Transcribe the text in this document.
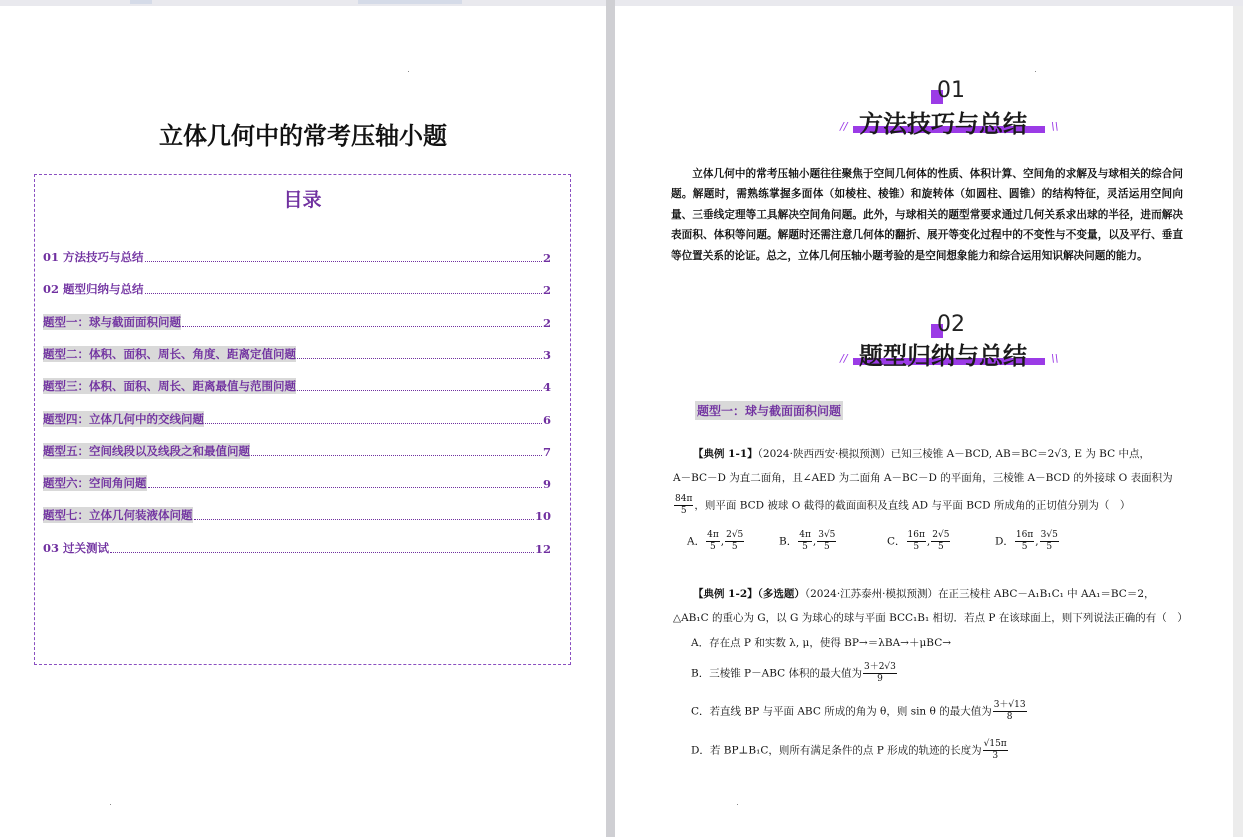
立体几何中的常考压轴小题
目录
01 方法技巧与总结	2
02 题型归纳与总结	2
题型一：球与截面面积问题	2
题型二：体积、面积、周长、角度、距离定值问题	3
题型三：体积、面积、周长、距离最值与范围问题	4
题型四：立体几何中的交线问题	6
题型五：空间线段以及线段之和最值问题	7
题型六：空间角问题	9
题型七：立体几何装液体问题	10
03 过关测试	12
01
//	\\
方法技巧与总结
立体几何中的常考压轴小题往往聚焦于空间几何体的性质、体积计算、空间角的求解及与球相关的综合问题。解题时，需熟练掌握多面体（如棱柱、棱锥）和旋转体（如圆柱、圆锥）的结构特征，灵活运用空间向量、三垂线定理等工具解决空间角问题。此外，与球相关的题型常要求通过几何关系求出球的半径，进而解决表面积、体积等问题。解题时还需注意几何体的翻折、展开等变化过程中的不变性与不变量，以及平行、垂直等位置关系的论证。总之，立体几何压轴小题考验的是空间想象能力和综合运用知识解决问题的能力。
02
//	\\
题型归纳与总结
题型一：球与截面面积问题
【典例 1-1】（2024·陕西西安·模拟预测）已知三棱锥 A－BCD, AB＝BC＝2√3, E 为 BC 中点，
A－BC－D 为直二面角，且∠AED 为二面角 A－BC－D 的平面角，三棱锥 A－BCD 的外接球 O 表面积为
$\frac{84\pi}{5}$ ，则平面 BCD 被球 O 截得的截面面积及直线 AD 与平面 BCD 所成角的正切值分别为（　）
A． $\frac{4\pi}{5}$ , $\frac{2√5}{5}$	B． $\frac{4\pi}{5}$ , $\frac{3√5}{5}$	C． $\frac{16\pi}{5}$ , $\frac{2√5}{5}$	D． $\frac{16\pi}{5}$ , $\frac{3√5}{5}$
【典例 1-2】（多选题）（2024·江苏泰州·模拟预测）在正三棱柱 ABC－A₁B₁C₁ 中 AA₁＝BC＝2，
△AB₁C 的重心为 G，以 G 为球心的球与平面 BCC₁B₁ 相切．若点 P 在该球面上，则下列说法正确的有（　）
A．存在点 P 和实数 λ, μ，使得 BP→＝λBA→＋μBC→
B．三棱锥 P－ABC 体积的最大值为 $\frac{3+2√3}{9}$
C．若直线 BP 与平面 ABC 所成的角为 θ，则 sin θ 的最大值为 $\frac{3+√13}{8}$
D．若 BP⊥B₁C，则所有满足条件的点 P 形成的轨迹的长度为 $\frac{√15\pi}{3}$
